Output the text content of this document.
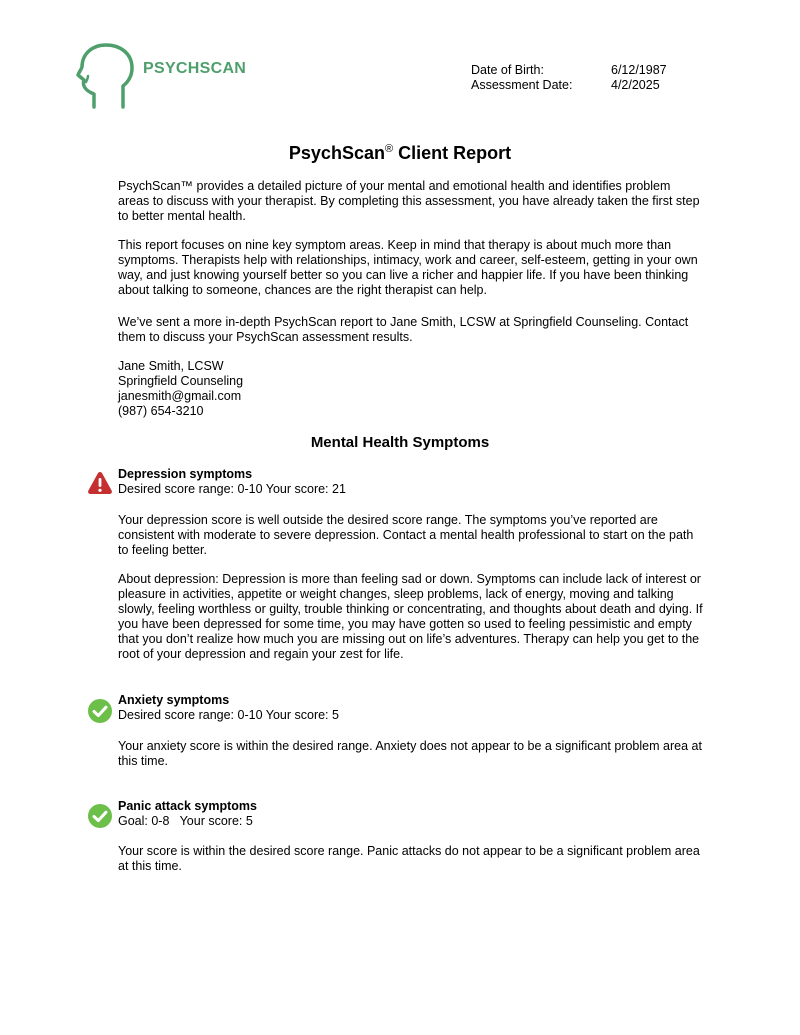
PSYCHSCAN	Date of Birth:	6/12/1987
Assessment Date:	4/2/2025
PsychScan® Client Report

PsychScan™ provides a detailed picture of your mental and emotional health and identifies problem areas to discuss with your therapist. By completing this assessment, you have already taken the first step to better mental health.

This report focuses on nine key symptom areas. Keep in mind that therapy is about much more than symptoms. Therapists help with relationships, intimacy, work and career, self-esteem, getting in your own way, and just knowing yourself better so you can live a richer and happier life. If you have been thinking about talking to someone, chances are the right therapist can help.

We’ve sent a more in-depth PsychScan report to Jane Smith, LCSW at Springfield Counseling. Contact them to discuss your PsychScan assessment results.

Jane Smith, LCSW

Springfield Counseling

janesmith@gmail.com

(987) 654-3210

Mental Health Symptoms

Depression symptoms

Desired score range: 0-10 Your score: 21

Your depression score is well outside the desired score range. The symptoms you’ve reported are consistent with moderate to severe depression. Contact a mental health professional to start on the path to feeling better.

About depression: Depression is more than feeling sad or down. Symptoms can include lack of interest or pleasure in activities, appetite or weight changes, sleep problems, lack of energy, moving and talking slowly, feeling worthless or guilty, trouble thinking or concentrating, and thoughts about death and dying. If you have been depressed for some time, you may have gotten so used to feeling pessimistic and empty that you don’t realize how much you are missing out on life’s adventures. Therapy can help you get to the root of your depression and regain your zest for life.

Anxiety symptoms

Desired score range: 0-10 Your score: 5

Your anxiety score is within the desired range. Anxiety does not appear to be a significant problem area at this time.

Panic attack symptoms

Goal: 0-8   Your score: 5

Your score is within the desired score range. Panic attacks do not appear to be a significant problem area at this time.
